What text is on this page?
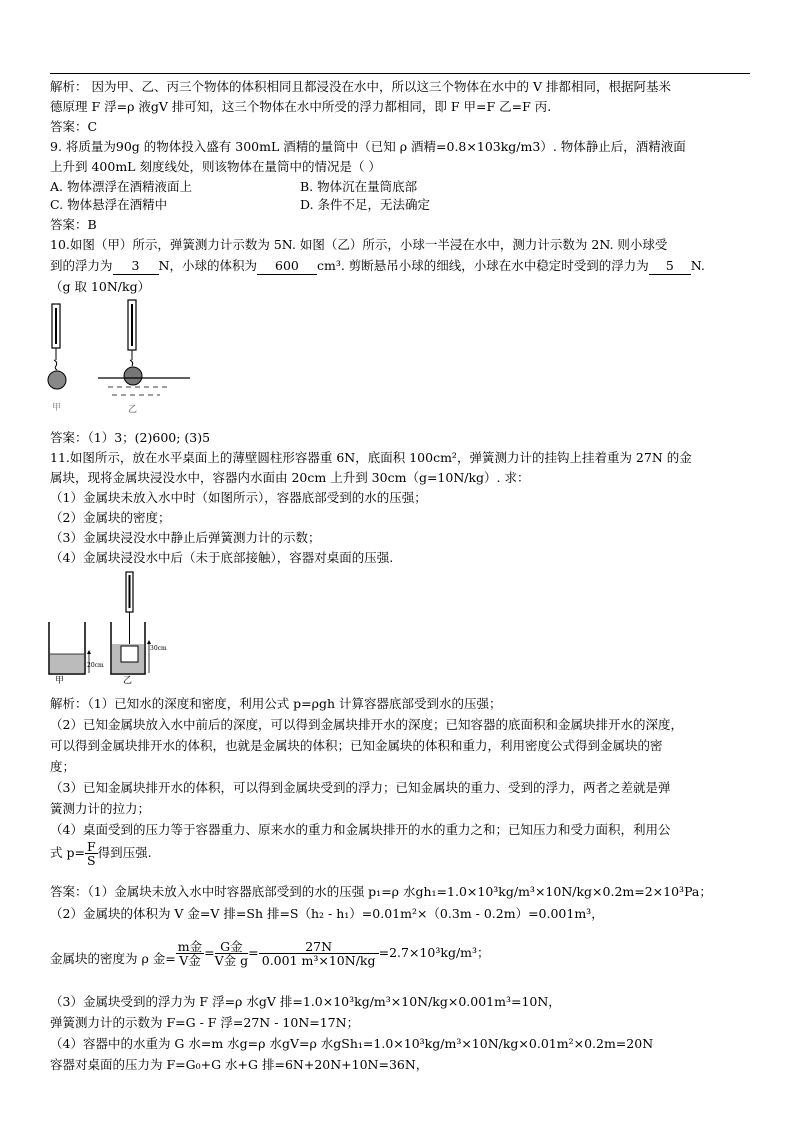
解析： 因为甲、乙、丙三个物体的体积相同且都浸没在水中，所以这三个物体在水中的 V 排都相同，根据阿基米
德原理 F 浮=ρ 液gV 排可知，这三个物体在水中所受的浮力都相同，即 F 甲=F 乙=F 丙.
答案：C
9. 将质量为90g 的物体投入盛有 300mL 酒精的量筒中（已知 ρ 酒精=0.8×103kg/m3）. 物体静止后，酒精液面
上升到 400mL 刻度线处，则该物体在量筒中的情况是（ ）
A. 物体漂浮在酒精液面上	B. 物体沉在量筒底部
C. 物体悬浮在酒精中	D. 条件不足，无法确定
答案：B
10.如图（甲）所示，弹簧测力计示数为 5N. 如图（乙）所示，小球一半浸在水中，测力计示数为 2N. 则小球受
到的浮力为 3 N，小球的体积为 600 cm³. 剪断悬吊小球的细线，小球在水中稳定时受到的浮力为 5 N.
（g 取 10N/kg）
甲	乙
答案：（1）3；(2)600; (3)5
11.如图所示，放在水平桌面上的薄壁圆柱形容器重 6N，底面积 100cm²，弹簧测力计的挂钩上挂着重为 27N 的金
属块，现将金属块浸没水中，容器内水面由 20cm 上升到 30cm（g=10N/kg）. 求：
（1）金属块未放入水中时（如图所示），容器底部受到的水的压强；
（2）金属块的密度；
（3）金属块浸没水中静止后弹簧测力计的示数；
（4）金属块浸没水中后（未于底部接触），容器对桌面的压强.
20cm
30cm
甲	乙
解析：（1）已知水的深度和密度，利用公式 p=ρgh 计算容器底部受到水的压强；
（2）已知金属块放入水中前后的深度，可以得到金属块排开水的深度；已知容器的底面积和金属块排开水的深度，
可以得到金属块排开水的体积，也就是金属块的体积；已知金属块的体积和重力，利用密度公式得到金属块的密
度；
（3）已知金属块排开水的体积，可以得到金属块受到的浮力；已知金属块的重力、受到的浮力，两者之差就是弹
簧测力计的拉力；
（4）桌面受到的压力等于容器重力、原来水的重力和金属块排开的水的重力之和；已知压力和受力面积，利用公
式 $p= \frac{F}{S}$ 得到压强.
答案：（1）金属块未放入水中时容器底部受到的水的压强 p₁=ρ 水gh₁=1.0×10³kg/m³×10N/kg×0.2m=2×10³Pa；
（2）金属块的体积为 V 金=V 排=Sh 排=S（h₂ - h₁）=0.01m²×（0.3m - 0.2m）=0.001m³，
金属块的密度为 ρ 金= $\frac{\text{m金}}{\text{V金}} = \frac{\text{G金}}{\text{V金 g}} = \frac{27N}{\text{0.001 m³×10N/kg}} =2.7\times 10^3kg/m^3$；
（3）金属块受到的浮力为 F 浮=ρ 水gV 排=1.0×10³kg/m³×10N/kg×0.001m³=10N，
弹簧测力计的示数为 F=G - F 浮=27N - 10N=17N；
（4）容器中的水重为 G 水=m 水g=ρ 水gV=ρ 水gSh₁=1.0×10³kg/m³×10N/kg×0.01m²×0.2m=20N
容器对桌面的压力为 F=G₀+G 水+G 排=6N+20N+10N=36N，
